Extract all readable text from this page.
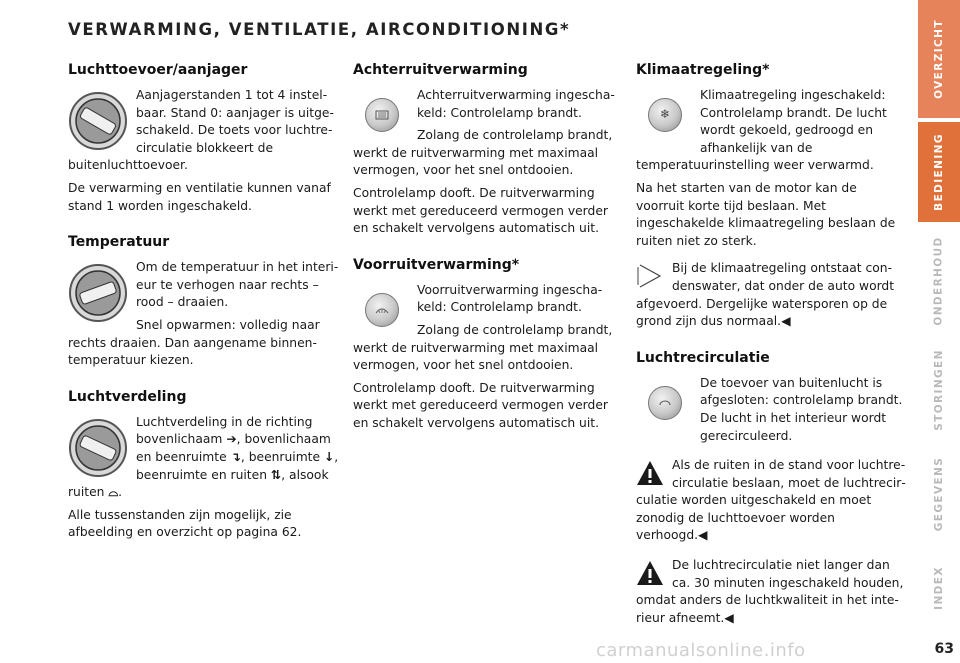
VERWARMING, VENTILATIE, AIRCONDITIONING*
Luchttoevoer/aanjager

Aanjagerstanden 1 tot 4 instelbaar. Stand 0: aanjager is uitgeschakeld. De toets voor luchtrecirculatie blokkeert de buitenluchttoevoer.

De verwarming en ventilatie kunnen vanaf stand 1 worden ingeschakeld.

Temperatuur

Om de temperatuur in het interieur te verhogen naar rechts – rood – draaien.

Snel opwarmen: volledig naar rechts draaien. Dan aangename binnentemperatuur kiezen.

Luchtverdeling

Luchtverdeling in de richting bovenlichaam ➔, bovenlichaam en beenruimte ↴, beenruimte ↓, beenruimte en ruiten ⇅, alsook ruiten ⌓.

Alle tussenstanden zijn mogelijk, zie afbeelding en overzicht op pagina 62.

Achterruitverwarming

Achterruitverwarming ingeschakeld: Controlelamp brandt.

Zolang de controlelamp brandt, werkt de ruitverwarming met maximaal vermogen, voor het snel ontdooien.

Controlelamp dooft. De ruitverwarming werkt met gereduceerd vermogen verder en schakelt vervolgens automatisch uit.

Voorruitverwarming*

Voorruitverwarming ingeschakeld: Controlelamp brandt.

Zolang de controlelamp brandt, werkt de ruitverwarming met maximaal vermogen, voor het snel ontdooien.

Controlelamp dooft. De ruitverwarming werkt met gereduceerd vermogen verder en schakelt vervolgens automatisch uit.

Klimaatregeling*
❄

Klimaatregeling ingeschakeld: Controlelamp brandt. De lucht wordt gekoeld, gedroogd en afhankelijk van de temperatuurinstelling weer verwarmd.

Na het starten van de motor kan de voorruit korte tijd beslaan. Met ingeschakelde klimaatregeling beslaan de ruiten niet zo sterk.

Bij de klimaatregeling ontstaat condenswater, dat onder de auto wordt afgevoerd. Dergelijke watersporen op de grond zijn dus normaal.◀

Luchtrecirculatie

De toevoer van buitenlucht is afgesloten: controlelamp brandt. De lucht in het interieur wordt gerecirculeerd.

Als de ruiten in de stand voor luchtrecirculatie beslaan, moet de luchtrecirculatie worden uitgeschakeld en moet zonodig de luchttoevoer worden verhoogd.◀

De luchtrecirculatie niet langer dan ca. 30 minuten ingeschakeld houden, omdat anders de luchtkwaliteit in het interieur afneemt.◀

OVERZICHT
BEDIENING
ONDERHOUD
STORINGEN
GEGEVENS
INDEX
carmanualsonline.info	63
